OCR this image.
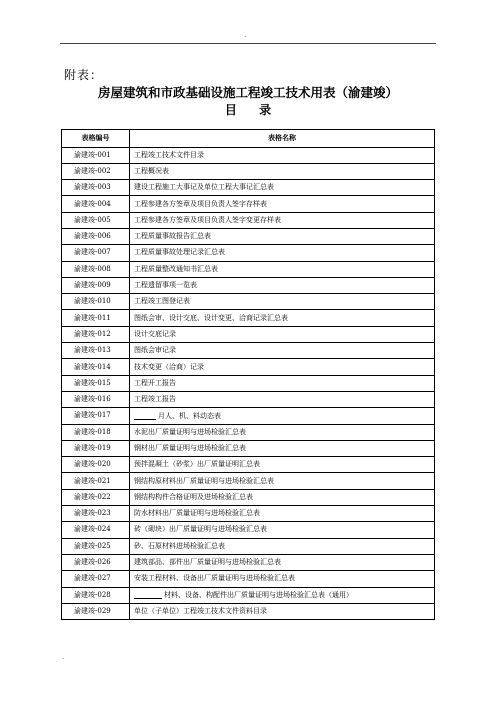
.
附表：
房屋建筑和市政基础设施工程竣工技术用表（渝建竣）
目 录
表格编号	表格名称
渝建竣-001	工程竣工技术文件目录
渝建竣-002	工程概况表
渝建竣-003	建设工程施工大事记及单位工程大事记汇总表
渝建竣-004	工程参建各方签章及项目负责人签字存样表
渝建竣-005	工程参建各方签章及项目负责人签字变更存样表
渝建竣-006	工程质量事故报告汇总表
渝建竣-007	工程质量事故处理记录汇总表
渝建竣-008	工程质量整改通知书汇总表
渝建竣-009	工程遗留事项一览表
渝建竣-010	工程竣工图登记表
渝建竣-011	图纸会审、设计交底、设计变更、洽商记录汇总表
渝建竣-012	设计交底记录
渝建竣-013	图纸会审记录
渝建竣-014	技术变更（洽商）记录
渝建竣-015	工程开工报告
渝建竣-016	工程竣工报告
渝建竣-017	月人、机、料动态表
渝建竣-018	水泥出厂质量证明与进场检验汇总表
渝建竣-019	钢材出厂质量证明与进场检验汇总表
渝建竣-020	预拌混凝土（砂浆）出厂质量证明汇总表
渝建竣-021	钢结构原材料出厂质量证明与进场检验汇总表
渝建竣-022	钢结构构件合格证明及进场检验汇总表
渝建竣-023	防水材料出厂质量证明与进场检验汇总表
渝建竣-024	砖（砌块）出厂质量证明与进场检验汇总表
渝建竣-025	砂、石原材料进场检验汇总表
渝建竣-026	建筑部品、部件出厂质量证明与进场检验汇总表
渝建竣-027	安装工程材料、设备出厂质量证明与进场检验汇总表
渝建竣-028	材料、设备、构配件出厂质量证明与进场检验汇总表（通用）
渝建竣-029	单位（子单位）工程竣工技术文件资料目录
.
